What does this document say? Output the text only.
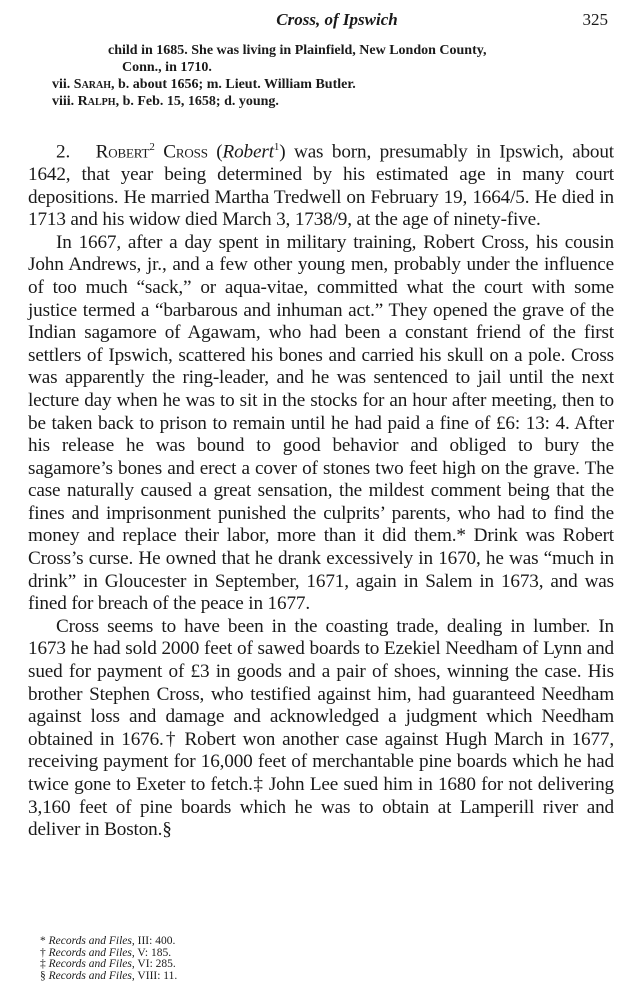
Cross, of Ipswich	325
child in 1685. She was living in Plainfield, New London County,
Conn., in 1710.
vii. Sarah, b. about 1656; m. Lieut. William Butler.
viii. Ralph, b. Feb. 15, 1658; d. young.

2. Robert$^2$ Cross (Robert$^1$) was born, presumably in Ipswich, about 1642, that year being determined by his estimated age in many court depositions. He married Martha Tredwell on February 19, 1664/5. He died in 1713 and his widow died March 3, 1738/9, at the age of ninety-five.

In 1667, after a day spent in military training, Robert Cross, his cousin John Andrews, jr., and a few other young men, probably under the influence of too much “sack,” or aqua-vitae, committed what the court with some justice termed a “barbarous and inhuman act.” They opened the grave of the Indian sagamore of Agawam, who had been a constant friend of the first settlers of Ipswich, scattered his bones and carried his skull on a pole. Cross was apparently the ring-leader, and he was sentenced to jail until the next lecture day when he was to sit in the stocks for an hour after meeting, then to be taken back to prison to remain until he had paid a fine of £6: 13: 4. After his release he was bound to good behavior and obliged to bury the sagamore’s bones and erect a cover of stones two feet high on the grave. The case naturally caused a great sensation, the mildest comment being that the fines and imprisonment punished the culprits’ parents, who had to find the money and replace their labor, more than it did them.* Drink was Robert Cross’s curse. He owned that he drank excessively in 1670, he was “much in drink” in Gloucester in September, 1671, again in Salem in 1673, and was fined for breach of the peace in 1677.

Cross seems to have been in the coasting trade, dealing in lumber. In 1673 he had sold 2000 feet of sawed boards to Ezekiel Needham of Lynn and sued for payment of £3 in goods and a pair of shoes, winning the case. His brother Stephen Cross, who testified against him, had guaranteed Needham against loss and damage and acknowledged a judgment which Needham obtained in 1676.† Robert won another case against Hugh March in 1677, receiving payment for 16,000 feet of merchantable pine boards which he had twice gone to Exeter to fetch.‡ John Lee sued him in 1680 for not delivering 3,160 feet of pine boards which he was to obtain at Lamperill river and deliver in Boston.§

* Records and Files, III: 400.
† Records and Files, V: 185.
‡ Records and Files, VI: 285.
§ Records and Files, VIII: 11.
